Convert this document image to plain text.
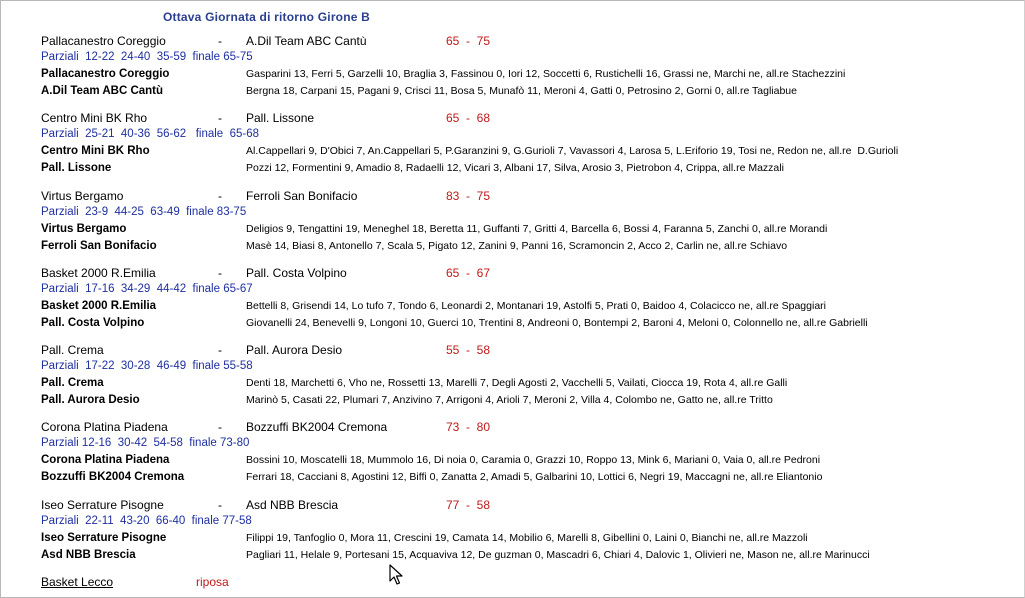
Ottava Giornata di ritorno Girone B
Pallacanestro Coreggio	- A.Dil Team ABC Cantù	65  -  75
Parziali  12-22  24-40  35-59  finale 65-75
Pallacanestro Coreggio	Gasparini 13, Ferri 5, Garzelli 10, Braglia 3, Fassinou 0, Iori 12, Soccetti 6, Rustichelli 16, Grassi ne, Marchi ne, all.re Stachezzini
A.Dil Team ABC Cantù	Bergna 18, Carpani 15, Pagani 9, Crisci 11, Bosa 5, Munafò 11, Meroni 4, Gatti 0, Petrosino 2, Gorni 0, all.re Tagliabue
Centro Mini BK Rho	- Pall. Lissone	65  -  68
Parziali  25-21  40-36  56-62   finale  65-68
Centro Mini BK Rho	Al.Cappellari 9, D'Obici 7, An.Cappellari 5, P.Garanzini 9, G.Gurioli 7, Vavassori 4, Larosa 5, L.Eriforio 19, Tosi ne, Redon ne, all.re  D.Gurioli
Pall. Lissone	Pozzi 12, Formentini 9, Amadio 8, Radaelli 12, Vicari 3, Albani 17, Silva, Arosio 3, Pietrobon 4, Crippa, all.re Mazzali
Virtus Bergamo	- Ferroli San Bonifacio	83  -  75
Parziali  23-9  44-25  63-49  finale 83-75
Virtus Bergamo	Deligios 9, Tengattini 19, Meneghel 18, Beretta 11, Guffanti 7, Gritti 4, Barcella 6, Bossi 4, Faranna 5, Zanchi 0, all.re Morandi
Ferroli San Bonifacio	Masè 14, Biasi 8, Antonello 7, Scala 5, Pigato 12, Zanini 9, Panni 16, Scramoncin 2, Acco 2, Carlin ne, all.re Schiavo
Basket 2000 R.Emilia	- Pall. Costa Volpino	65  -  67
Parziali  17-16  34-29  44-42  finale 65-67
Basket 2000 R.Emilia	Bettelli 8, Grisendi 14, Lo tufo 7, Tondo 6, Leonardi 2, Montanari 19, Astolfi 5, Prati 0, Baidoo 4, Colacicco ne, all.re Spaggiari
Pall. Costa Volpino	Giovanelli 24, Benevelli 9, Longoni 10, Guerci 10, Trentini 8, Andreoni 0, Bontempi 2, Baroni 4, Meloni 0, Colonnello ne, all.re Gabrielli
Pall. Crema	- Pall. Aurora Desio	55  -  58
Parziali  17-22  30-28  46-49  finale 55-58
Pall. Crema	Denti 18, Marchetti 6, Vho ne, Rossetti 13, Marelli 7, Degli Agosti 2, Vacchelli 5, Vailati, Ciocca 19, Rota 4, all.re Galli
Pall. Aurora Desio	Marinò 5, Casati 22, Plumari 7, Anzivino 7, Arrigoni 4, Arioli 7, Meroni 2, Villa 4, Colombo ne, Gatto ne, all.re Tritto
Corona Platina Piadena	- Bozzuffi BK2004 Cremona	73  -  80
Parziali 12-16  30-42  54-58  finale 73-80
Corona Platina Piadena	Bossini 10, Moscatelli 18, Mummolo 16, Di noia 0, Caramia 0, Grazzi 10, Roppo 13, Mink 6, Mariani 0, Vaia 0, all.re Pedroni
Bozzuffi BK2004 Cremona	Ferrari 18, Cacciani 8, Agostini 12, Biffi 0, Zanatta 2, Amadi 5, Galbarini 10, Lottici 6, Negri 19, Maccagni ne, all.re Eliantonio
Iseo Serrature Pisogne	- Asd NBB Brescia	77  -  58
Parziali  22-11  43-20  66-40  finale 77-58
Iseo Serrature Pisogne	Filippi 19, Tanfoglio 0, Mora 11, Crescini 19, Camata 14, Mobilio 6, Marelli 8, Gibellini 0, Laini 0, Bianchi ne, all.re Mazzoli
Asd NBB Brescia	Pagliari 11, Helale 9, Portesani 15, Acquaviva 12, De guzman 0, Mascadri 6, Chiari 4, Dalovic 1, Olivieri ne, Mason ne, all.re Marinucci
Basket Lecco	riposa
